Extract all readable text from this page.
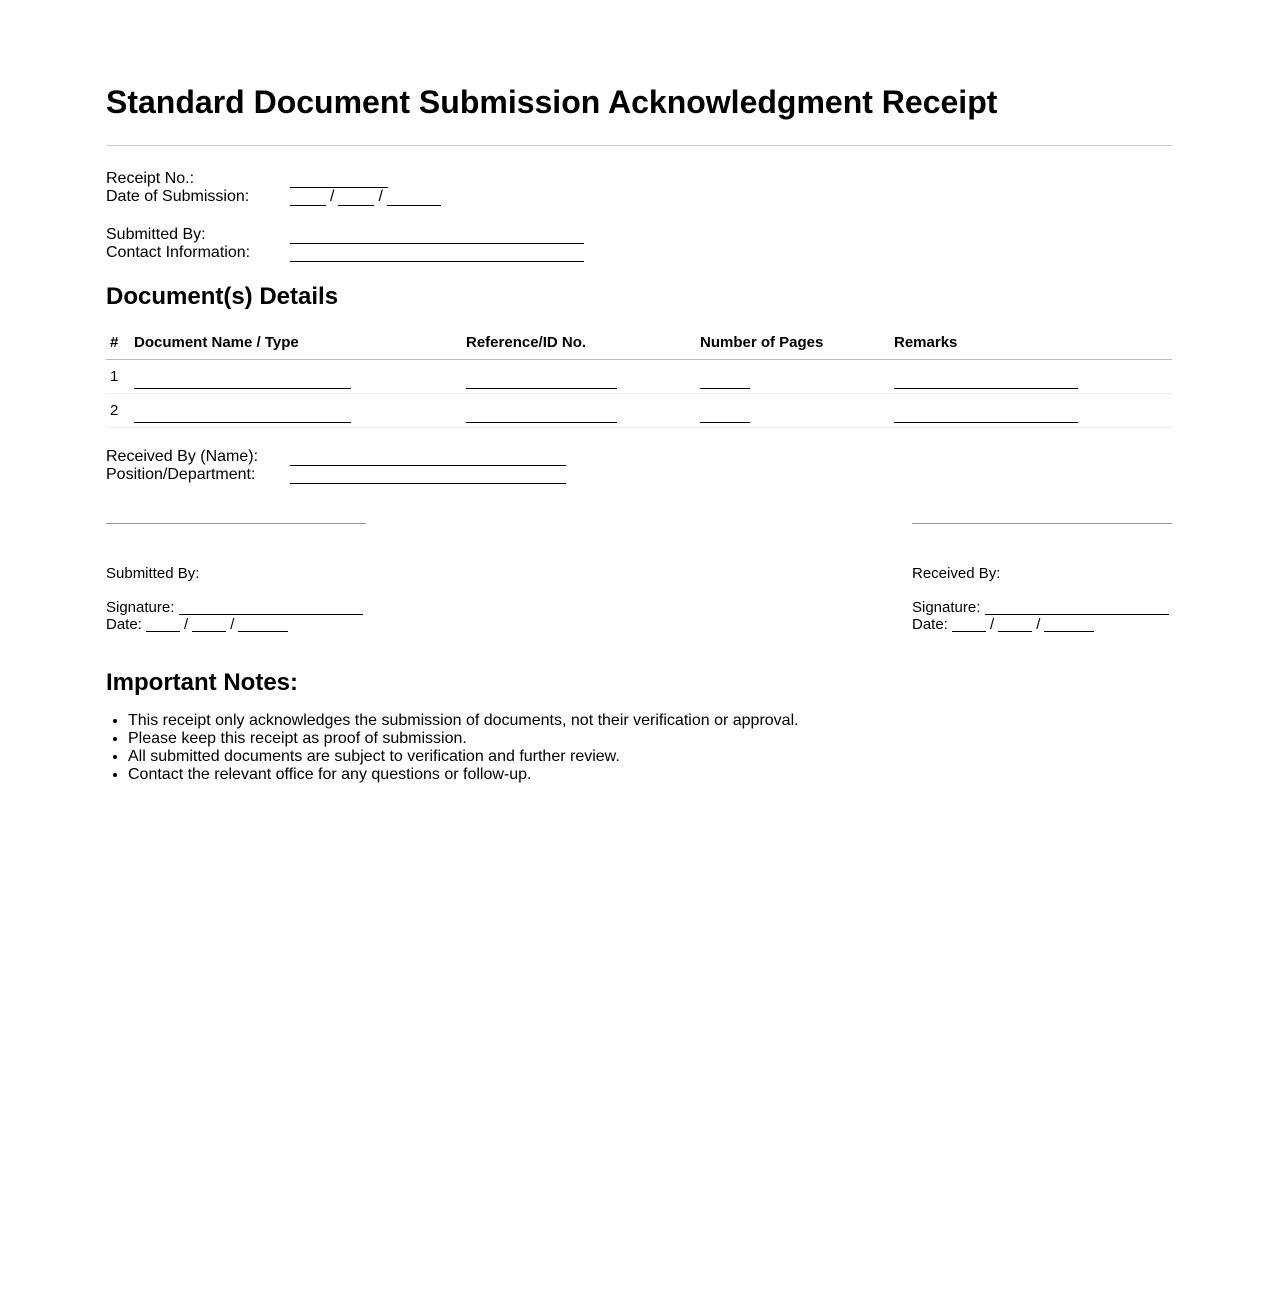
Standard Document Submission Acknowledgment Receipt
Receipt No.:
Date of Submission:	/	/
Submitted By:
Contact Information:
Document(s) Details
#	Document Name / Type	Reference/ID No.	Number of Pages	Remarks
1				
2				
Received By (Name):
Position/Department:
Submitted By:
Signature:
Date:	/	/
Received By:
Signature:
Date:	/	/
Important Notes:
• This receipt only acknowledges the submission of documents, not their verification or approval.
• Please keep this receipt as proof of submission.
• All submitted documents are subject to verification and further review.
• Contact the relevant office for any questions or follow-up.
